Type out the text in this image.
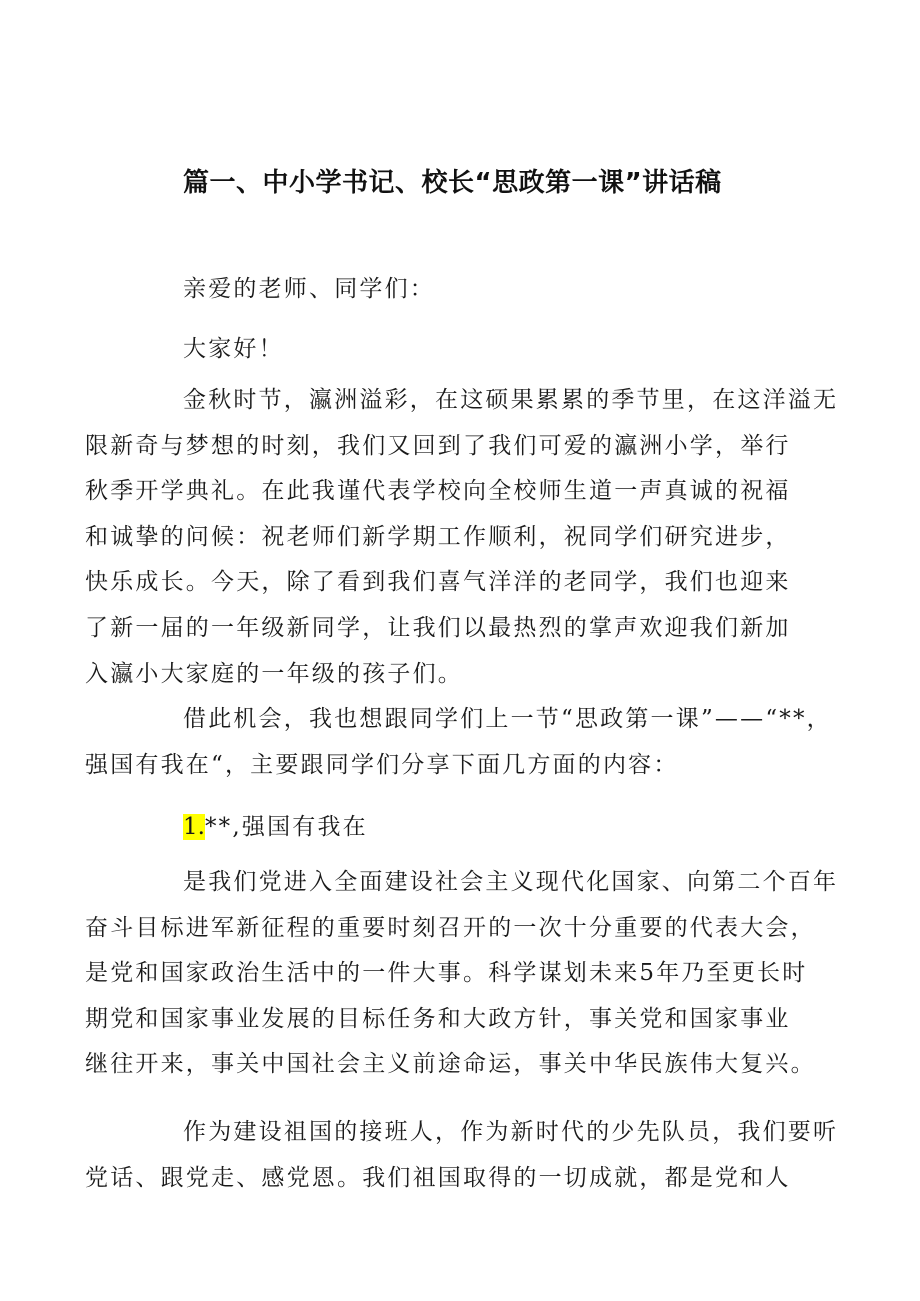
篇一、中小学书记、校长“思政第一课”讲话稿

亲爱的老师、同学们：

大家好！

金秋时节，瀛洲溢彩，在这硕果累累的季节里，在这洋溢无
限新奇与梦想的时刻，我们又回到了我们可爱的瀛洲小学，举行
秋季开学典礼。在此我谨代表学校向全校师生道一声真诚的祝福
和诚挚的问候：祝老师们新学期工作顺利，祝同学们研究进步，
快乐成长。今天，除了看到我们喜气洋洋的老同学，我们也迎来
了新一届的一年级新同学，让我们以最热烈的掌声欢迎我们新加
入瀛小大家庭的一年级的孩子们。

借此机会，我也想跟同学们上一节“思政第一课”——“**，
强国有我在“，主要跟同学们分享下面几方面的内容：

1.**,强国有我在

是我们党进入全面建设社会主义现代化国家、向第二个百年
奋斗目标进军新征程的重要时刻召开的一次十分重要的代表大会，
是党和国家政治生活中的一件大事。科学谋划未来5年乃至更长时
期党和国家事业发展的目标任务和大政方针，事关党和国家事业
继往开来，事关中国社会主义前途命运，事关中华民族伟大复兴。

作为建设祖国的接班人，作为新时代的少先队员，我们要听
党话、跟党走、感党恩。我们祖国取得的一切成就，都是党和人
